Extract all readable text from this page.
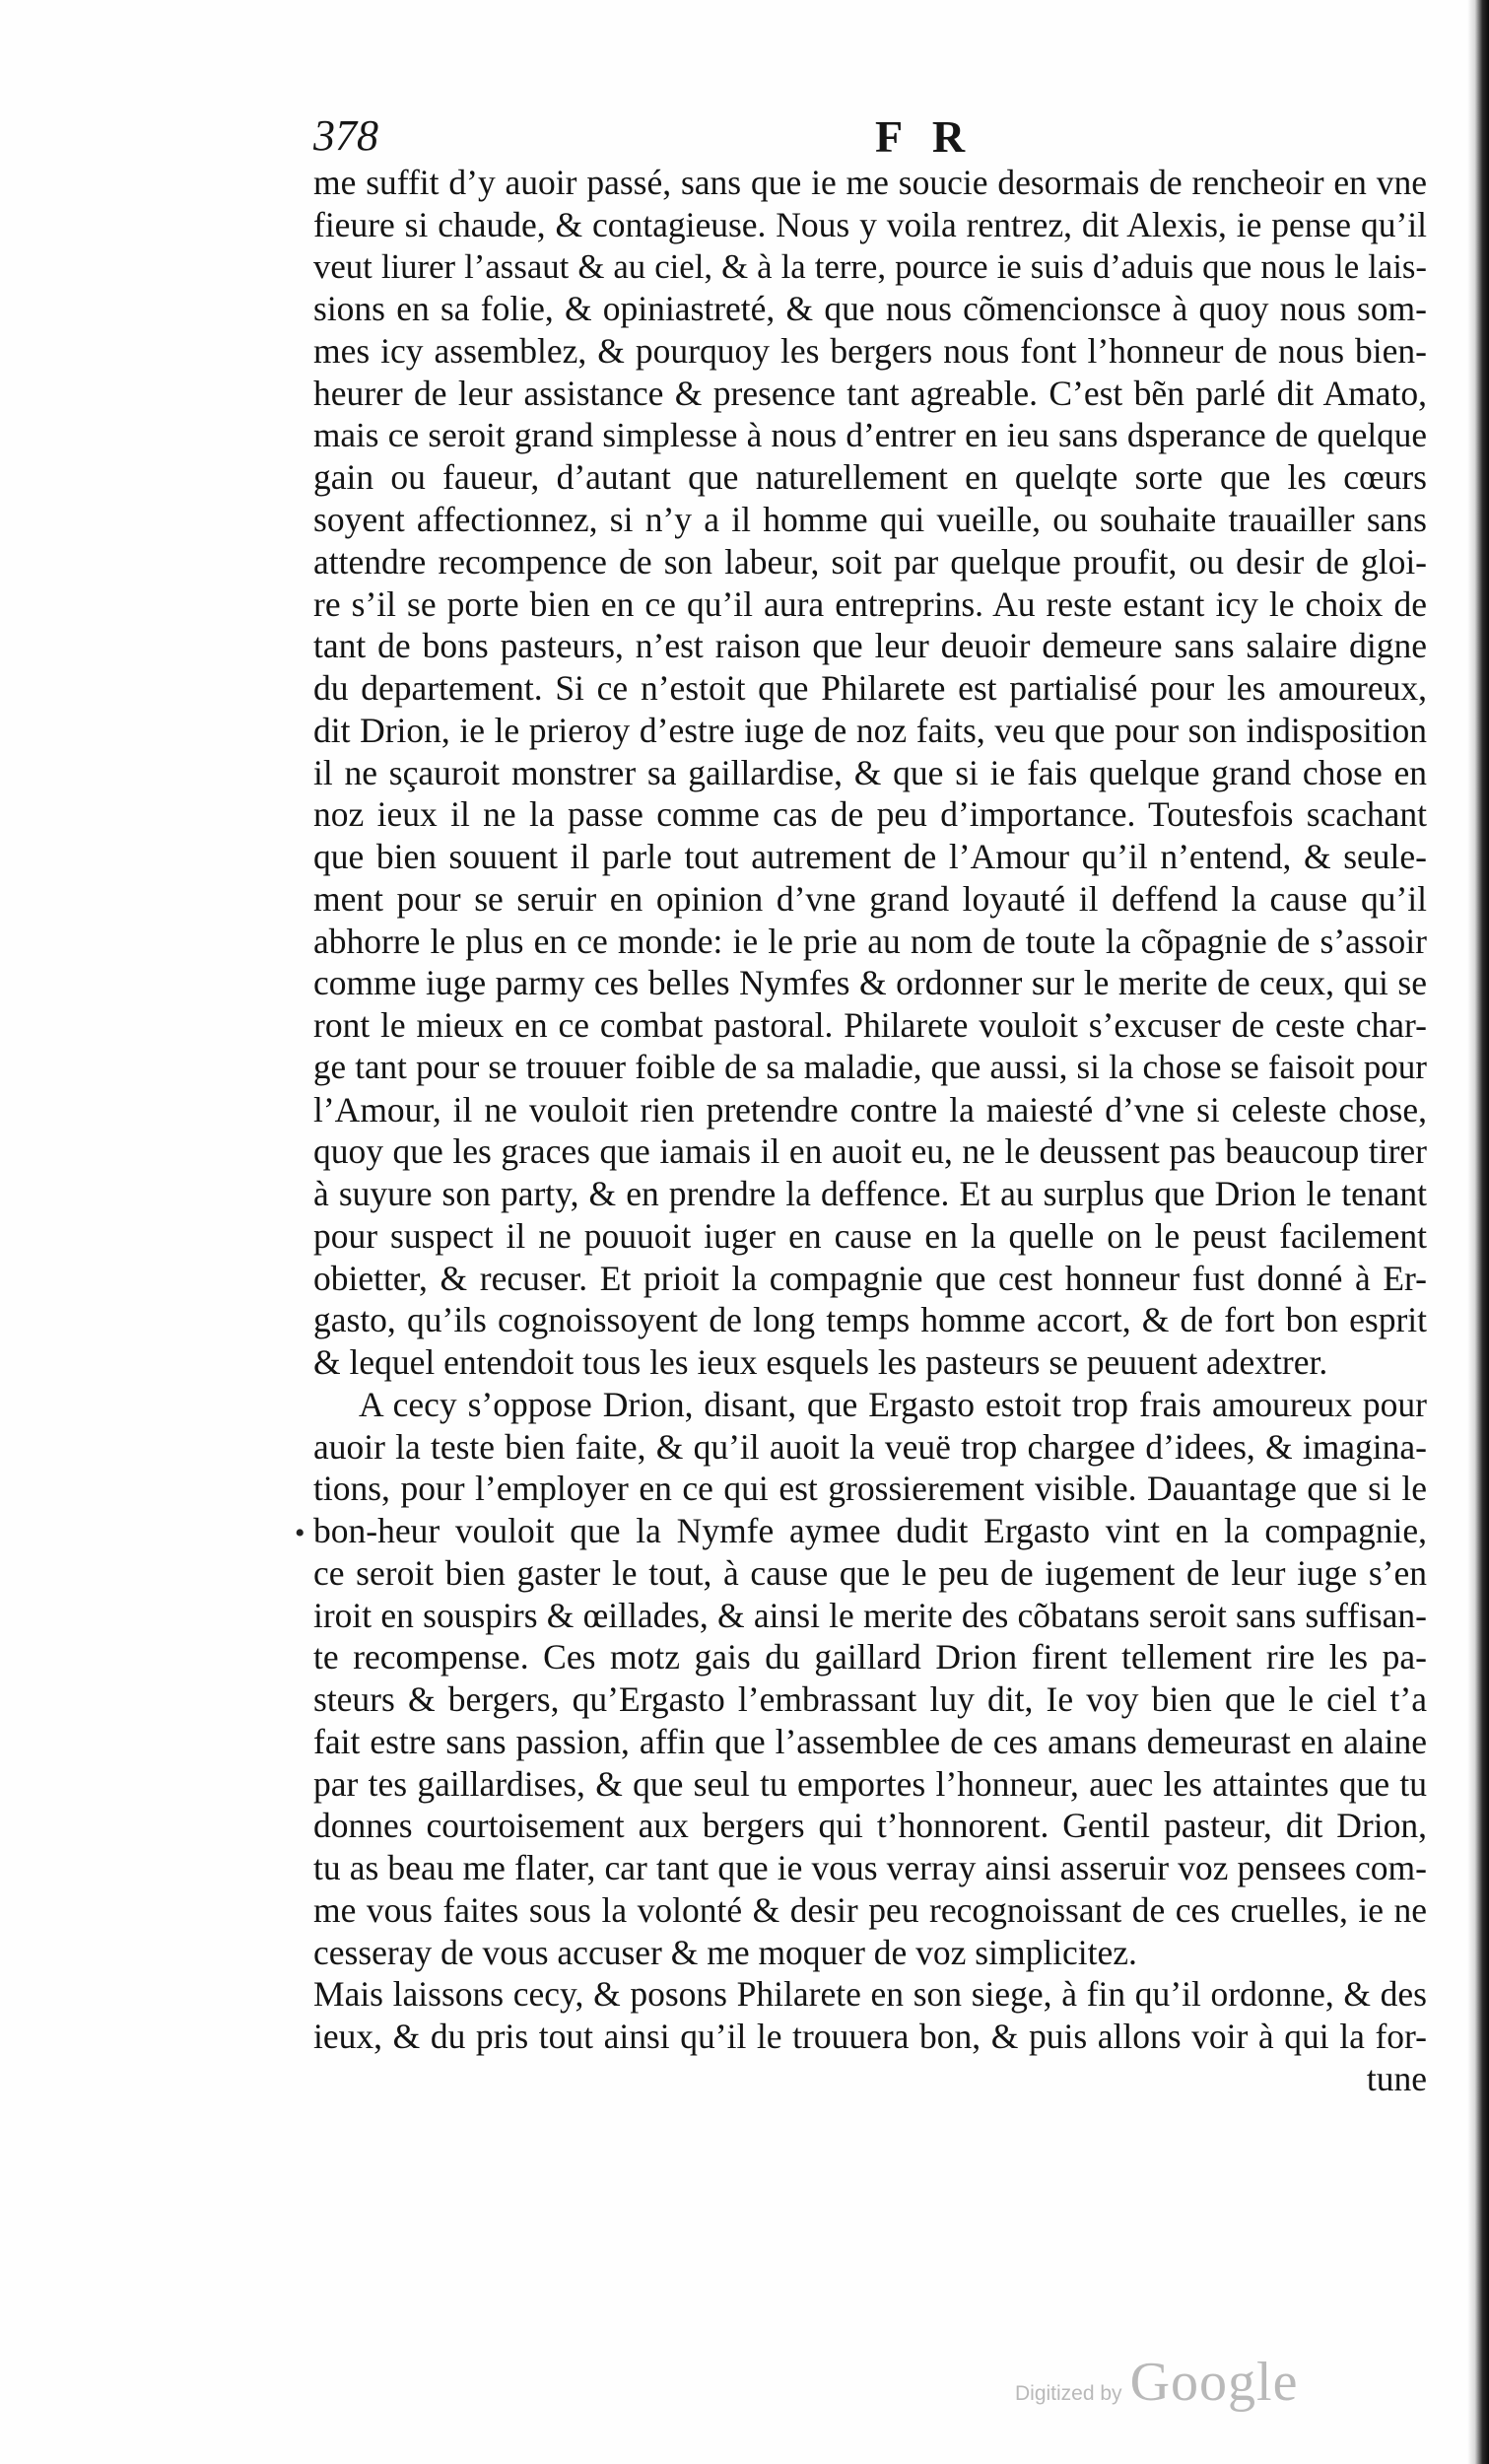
378	F R
me suffit d’y auoir passé, sans que ie me soucie desormais de rencheoir en vne
fieure si chaude, & contagieuse. Nous y voila rentrez, dit Alexis, ie pense qu’il
veut liurer l’assaut & au ciel, & à la terre, pource ie suis d’aduis que nous le lais-
sions en sa folie, & opiniastreté, & que nous cõmencionsce à quoy nous som-
mes icy assemblez, & pourquoy les bergers nous font l’honneur de nous bien-
heurer de leur assistance & presence tant agreable. C’est bẽn parlé dit Amato,
mais ce seroit grand simplesse à nous d’entrer en ieu sans dsperance de quelque
gain ou faueur, d’autant que naturellement en quelqte sorte que les cœurs
soyent affectionnez, si n’y a il homme qui vueille, ou souhaite trauailler sans
attendre recompence de son labeur, soit par quelque proufit, ou desir de gloi-
re s’il se porte bien en ce qu’il aura entreprins. Au reste estant icy le choix de
tant de bons pasteurs, n’est raison que leur deuoir demeure sans salaire digne
du departement. Si ce n’estoit que Philarete est partialisé pour les amoureux,
dit Drion, ie le prieroy d’estre iuge de noz faits, veu que pour son indisposition
il ne sçauroit monstrer sa gaillardise, & que si ie fais quelque grand chose en
noz ieux il ne la passe comme cas de peu d’importance. Toutesfois scachant
que bien souuent il parle tout autrement de l’Amour qu’il n’entend, & seule-
ment pour se seruir en opinion d’vne grand loyauté il deffend la cause qu’il
abhorre le plus en ce monde: ie le prie au nom de toute la cõpagnie de s’assoir
comme iuge parmy ces belles Nymfes & ordonner sur le merite de ceux, qui se
ront le mieux en ce combat pastoral. Philarete vouloit s’excuser de ceste char-
ge tant pour se trouuer foible de sa maladie, que aussi, si la chose se faisoit pour
l’Amour, il ne vouloit rien pretendre contre la maiesté d’vne si celeste chose,
quoy que les graces que iamais il en auoit eu, ne le deussent pas beaucoup tirer
à suyure son party, & en prendre la deffence. Et au surplus que Drion le tenant
pour suspect il ne pouuoit iuger en cause en la quelle on le peust facilement
obietter, & recuser. Et prioit la compagnie que cest honneur fust donné à Er-
gasto, qu’ils cognoissoyent de long temps homme accort, & de fort bon esprit
& lequel entendoit tous les ieux esquels les pasteurs se peuuent adextrer.
A cecy s’oppose Drion, disant, que Ergasto estoit trop frais amoureux pour
auoir la teste bien faite, & qu’il auoit la veuë trop chargee d’idees, & imagina-
tions, pour l’employer en ce qui est grossierement visible. Dauantage que si le
bon-heur vouloit que la Nymfe aymee dudit Ergasto vint en la compagnie,
ce seroit bien gaster le tout, à cause que le peu de iugement de leur iuge s’en
iroit en souspirs & œillades, & ainsi le merite des cõbatans seroit sans suffisan-
te recompense. Ces motz gais du gaillard Drion firent tellement rire les pa-
steurs & bergers, qu’Ergasto l’embrassant luy dit, Ie voy bien que le ciel t’a
fait estre sans passion, affin que l’assemblee de ces amans demeurast en alaine
par tes gaillardises, & que seul tu emportes l’honneur, auec les attaintes que tu
donnes courtoisement aux bergers qui t’honnorent. Gentil pasteur, dit Drion,
tu as beau me flater, car tant que ie vous verray ainsi asseruir voz pensees com-
me vous faites sous la volonté & desir peu recognoissant de ces cruelles, ie ne
cesseray de vous accuser & me moquer de voz simplicitez.
Mais laissons cecy, & posons Philarete en son siege, à fin qu’il ordonne, & des
ieux, & du pris tout ainsi qu’il le trouuera bon, & puis allons voir à qui la for-
tune
•
Digitized by Google
